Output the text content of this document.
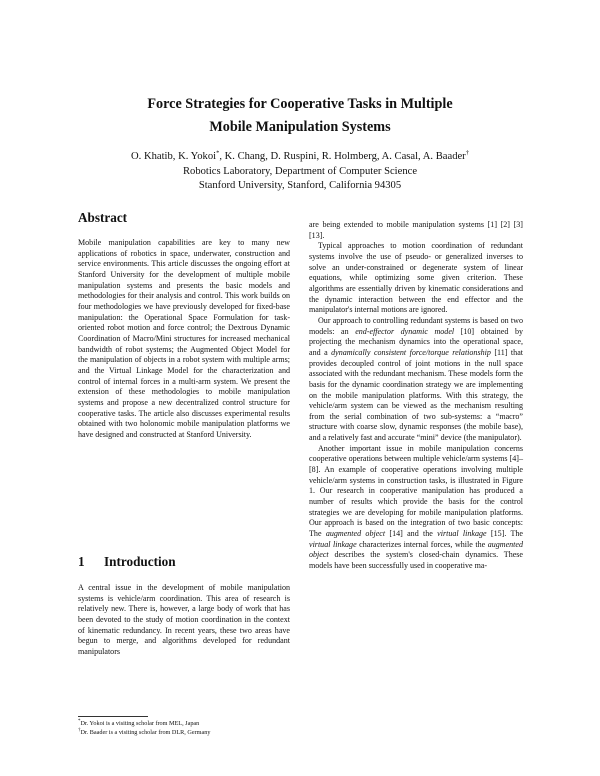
Force Strategies for Cooperative Tasks in Multiple
Mobile Manipulation Systems
O. Khatib, K. Yokoi*, K. Chang, D. Ruspini, R. Holmberg, A. Casal, A. Baader†
Robotics Laboratory, Department of Computer Science
Stanford University, Stanford, California 94305
Abstract

Mobile manipulation capabilities are key to many new applications of robotics in space, underwater, construction and service environments. This article discusses the ongoing effort at Stanford University for the development of multiple mobile manipulation systems and presents the basic models and methodologies for their analysis and control. This work builds on four methodologies we have previously developed for fixed-base manipulation: the Operational Space Formulation for task-oriented robot motion and force control; the Dextrous Dynamic Coordination of Macro/Mini structures for increased mechanical bandwidth of robot systems; the Augmented Object Model for the manipulation of objects in a robot system with multiple arms; and the Virtual Linkage Model for the characterization and control of internal forces in a multi-arm system. We present the extension of these methodologies to mobile manipulation systems and propose a new decentralized control structure for cooperative tasks. The article also discusses experimental results obtained with two holonomic mobile manipulation platforms we have designed and constructed at Stanford University.

1 Introduction

A central issue in the development of mobile manipulation systems is vehicle/arm coordination. This area of research is relatively new. There is, however, a large body of work that has been devoted to the study of motion coordination in the context of kinematic redundancy. In recent years, these two areas have begun to merge, and algorithms developed for redundant manipulators

*Dr. Yokoi is a visiting scholar from MEL, Japan
†Dr. Baader is a visiting scholar from DLR, Germany

are being extended to mobile manipulation systems [1] [2] [3] [13].

Typical approaches to motion coordination of redundant systems involve the use of pseudo- or generalized inverses to solve an under-constrained or degenerate system of linear equations, while optimizing some given criterion. These algorithms are essentially driven by kinematic considerations and the dynamic interaction between the end effector and the manipulator's internal motions are ignored.

Our approach to controlling redundant systems is based on two models: an end-effector dynamic model [10] obtained by projecting the mechanism dynamics into the operational space, and a dynamically consistent force/torque relationship [11] that provides decoupled control of joint motions in the null space associated with the redundant mechanism. These models form the basis for the dynamic coordination strategy we are implementing on the mobile manipulation platforms. With this strategy, the vehicle/arm system can be viewed as the mechanism resulting from the serial combination of two sub-systems: a “macro” structure with coarse slow, dynamic responses (the mobile base), and a relatively fast and accurate “mini” device (the manipulator).

Another important issue in mobile manipulation concerns cooperative operations between multiple vehicle/arm systems [4]–[8]. An example of cooperative operations involving multiple vehicle/arm systems in construction tasks, is illustrated in Figure 1. Our research in cooperative manipulation has produced a number of results which provide the basis for the control strategies we are developing for mobile manipulation platforms. Our approach is based on the integration of two basic concepts: The augmented object [14] and the virtual linkage [15]. The virtual linkage characterizes internal forces, while the augmented object describes the system's closed-chain dynamics. These models have been successfully used in cooperative ma-
